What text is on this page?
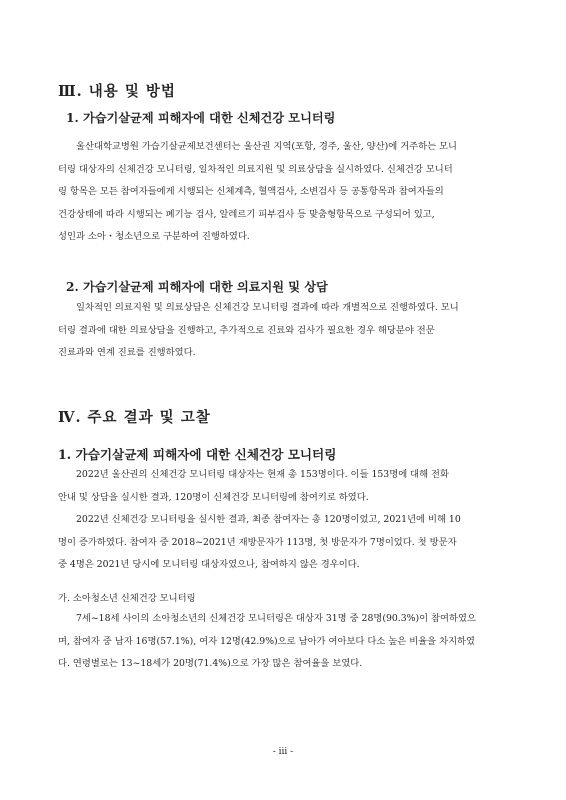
Ⅲ. 내용 및 방법
1. 가습기살균제 피해자에 대한 신체건강 모니터링
울산대학교병원 가습기살균제보건센터는 울산권 지역(포항, 경주, 울산, 양산)에 거주하는 모니
터링 대상자의 신체건강 모니터링, 일차적인 의료지원 및 의료상담을 실시하였다. 신체건강 모니터
링 항목은 모든 참여자들에게 시행되는 신체계측, 혈액검사, 소변검사 등 공통항목과 참여자들의
건강상태에 따라 시행되는 폐기능 검사, 알레르기 피부검사 등 맞춤형항목으로 구성되어 있고,
성인과 소아・청소년으로 구분하여 진행하였다.
2. 가습기살균제 피해자에 대한 의료지원 및 상담
일차적인 의료지원 및 의료상담은 신체건강 모니터링 결과에 따라 개별적으로 진행하였다. 모니
터링 결과에 대한 의료상담을 진행하고, 추가적으로 진료와 검사가 필요한 경우 해당분야 전문
진료과와 연계 진료를 진행하였다.
Ⅳ. 주요 결과 및 고찰
1. 가습기살균제 피해자에 대한 신체건강 모니터링
2022년 울산권의 신체건강 모니터링 대상자는 현재 총 153명이다. 이들 153명에 대해 전화
안내 및 상담을 실시한 결과, 120명이 신체건강 모니터링에 참여키로 하였다.
2022년 신체건강 모니터링을 실시한 결과, 최종 참여자는 총 120명이었고, 2021년에 비해 10
명이 증가하였다. 참여자 중 2018~2021년 재방문자가 113명, 첫 방문자가 7명이었다. 첫 방문자
중 4명은 2021년 당시에 모니터링 대상자였으나, 참여하지 않은 경우이다.
가. 소아청소년 신체건강 모니터링
7세~18세 사이의 소아청소년의 신체건강 모니터링은 대상자 31명 중 28명(90.3%)이 참여하였으
며, 참여자 중 남자 16명(57.1%), 여자 12명(42.9%)으로 남아가 여아보다 다소 높은 비율을 차지하였
다. 연령별로는 13~18세가 20명(71.4%)으로 가장 많은 참여율을 보였다.
- iii -
